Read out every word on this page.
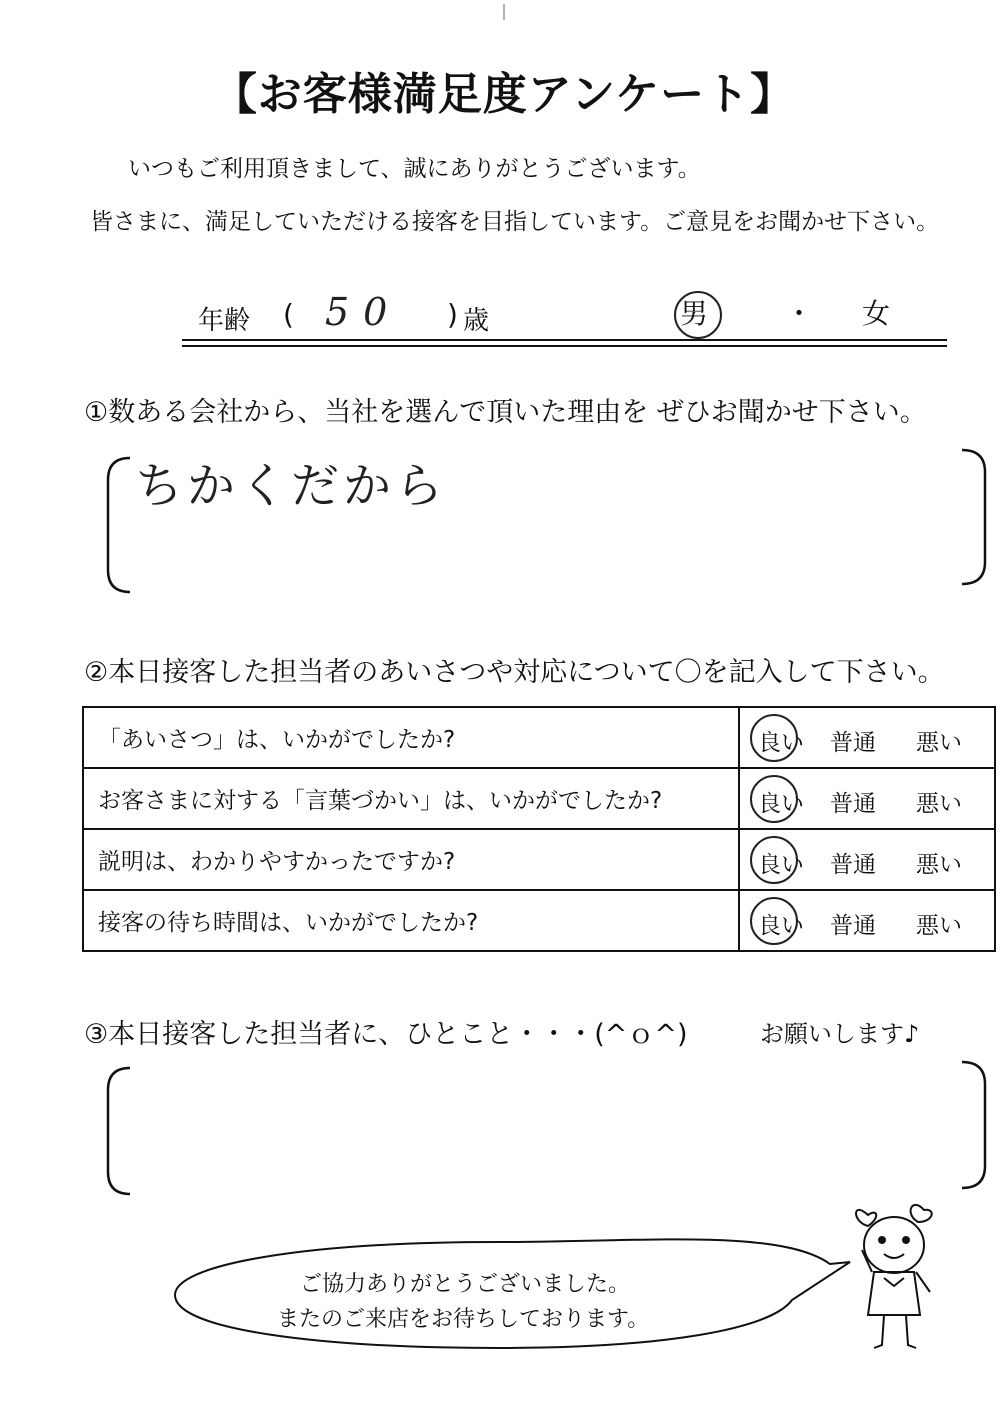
【お客様満足度アンケート】
いつもご利用頂きまして、誠にありがとうございます。
皆さまに、満足していただける接客を目指しています。ご意見をお聞かせ下さい。
年齢 ( 50 ) 歳	男	・ 女
①数ある会社から、当社を選んで頂いた理由を ぜひお聞かせ下さい。
ちかくだから
②本日接客した担当者のあいさつや対応について〇を記入して下さい。
「あいさつ」は、いかがでしたか?	良い 普通 悪い

お客さまに対する「言葉づかい」は、いかがでしたか?	良い 普通 悪い

説明は、わかりやすかったですか?	良い 普通 悪い

接客の待ち時間は、いかがでしたか?	良い 普通 悪い
③本日接客した担当者に、ひとこと・・・(^ｏ^)	お願いします♪
ご協力ありがとうございました。
またのご来店をお待ちしております。
